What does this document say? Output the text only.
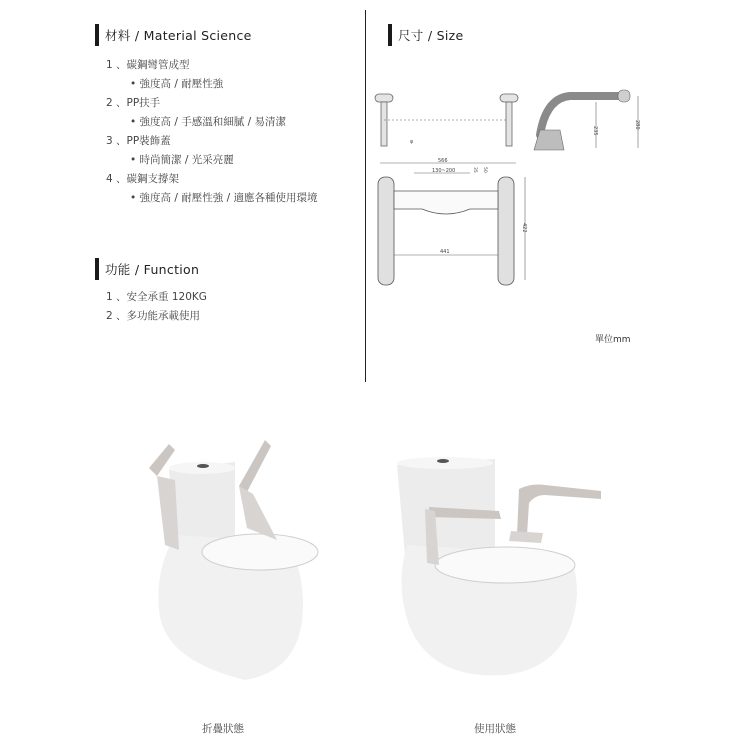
材料 / Material Science
1 、碳鋼彎管成型
• 強度高 / 耐壓性強
2 、PP扶手
• 強度高 / 手感溫和細膩 / 易清潔
3 、PP裝飾蓋
• 時尚簡潔 / 光采亮麗
4 、碳鋼支撐架
• 強度高 / 耐壓性強 / 適應各種使用環境
功能 / Function
1 、安全承重 120KG
2 、多功能承載使用
尺寸 / Size
φ
235
280
566
130~200	35 50
422
441
單位mm
折疊狀態	使用狀態
